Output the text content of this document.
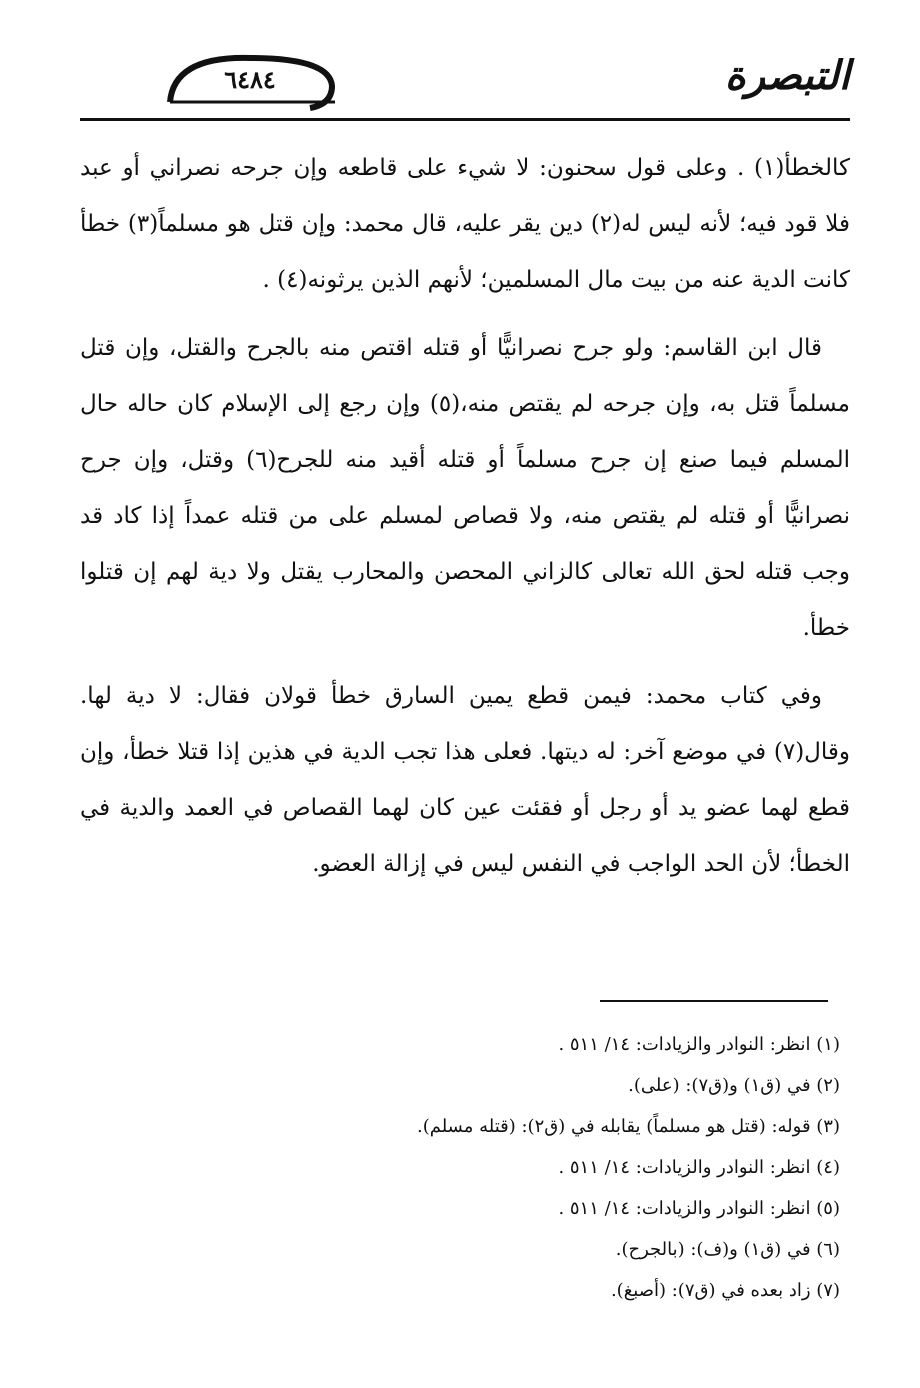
التبصرة
٦٤٨٤

كالخطأ(١) . وعلى قول سحنون: لا شيء على قاطعه وإن جرحه نصراني أو عبد فلا قود فيه؛ لأنه ليس له(٢) دين يقر عليه، قال محمد: وإن قتل هو مسلماً(٣) خطأ كانت الدية عنه من بيت مال المسلمين؛ لأنهم الذين يرثونه(٤) .

قال ابن القاسم: ولو جرح نصرانيًّا أو قتله اقتص منه بالجرح والقتل، وإن قتل مسلماً قتل به، وإن جرحه لم يقتص منه،(٥) وإن رجع إلى الإسلام كان حاله حال المسلم فيما صنع إن جرح مسلماً أو قتله أقيد منه للجرح(٦) وقتل، وإن جرح نصرانيًّا أو قتله لم يقتص منه، ولا قصاص لمسلم على من قتله عمداً إذا كاد قد وجب قتله لحق الله تعالى كالزاني المحصن والمحارب يقتل ولا دية لهم إن قتلوا خطأ.

وفي كتاب محمد: فيمن قطع يمين السارق خطأ قولان فقال: لا دية لها. وقال(٧) في موضع آخر: له ديتها. فعلى هذا تجب الدية في هذين إذا قتلا خطأ، وإن قطع لهما عضو يد أو رجل أو فقئت عين كان لهما القصاص في العمد والدية في الخطأ؛ لأن الحد الواجب في النفس ليس في إزالة العضو.

(١) انظر: النوادر والزيادات: ١٤/ ٥١١ .

(٢) في (ق١) و(ق٧): (على).

(٣) قوله: (قتل هو مسلماً) يقابله في (ق٢): (قتله مسلم).

(٤) انظر: النوادر والزيادات: ١٤/ ٥١١ .

(٥) انظر: النوادر والزيادات: ١٤/ ٥١١ .

(٦) في (ق١) و(ف): (بالجرح).

(٧) زاد بعده في (ق٧): (أصبغ).
